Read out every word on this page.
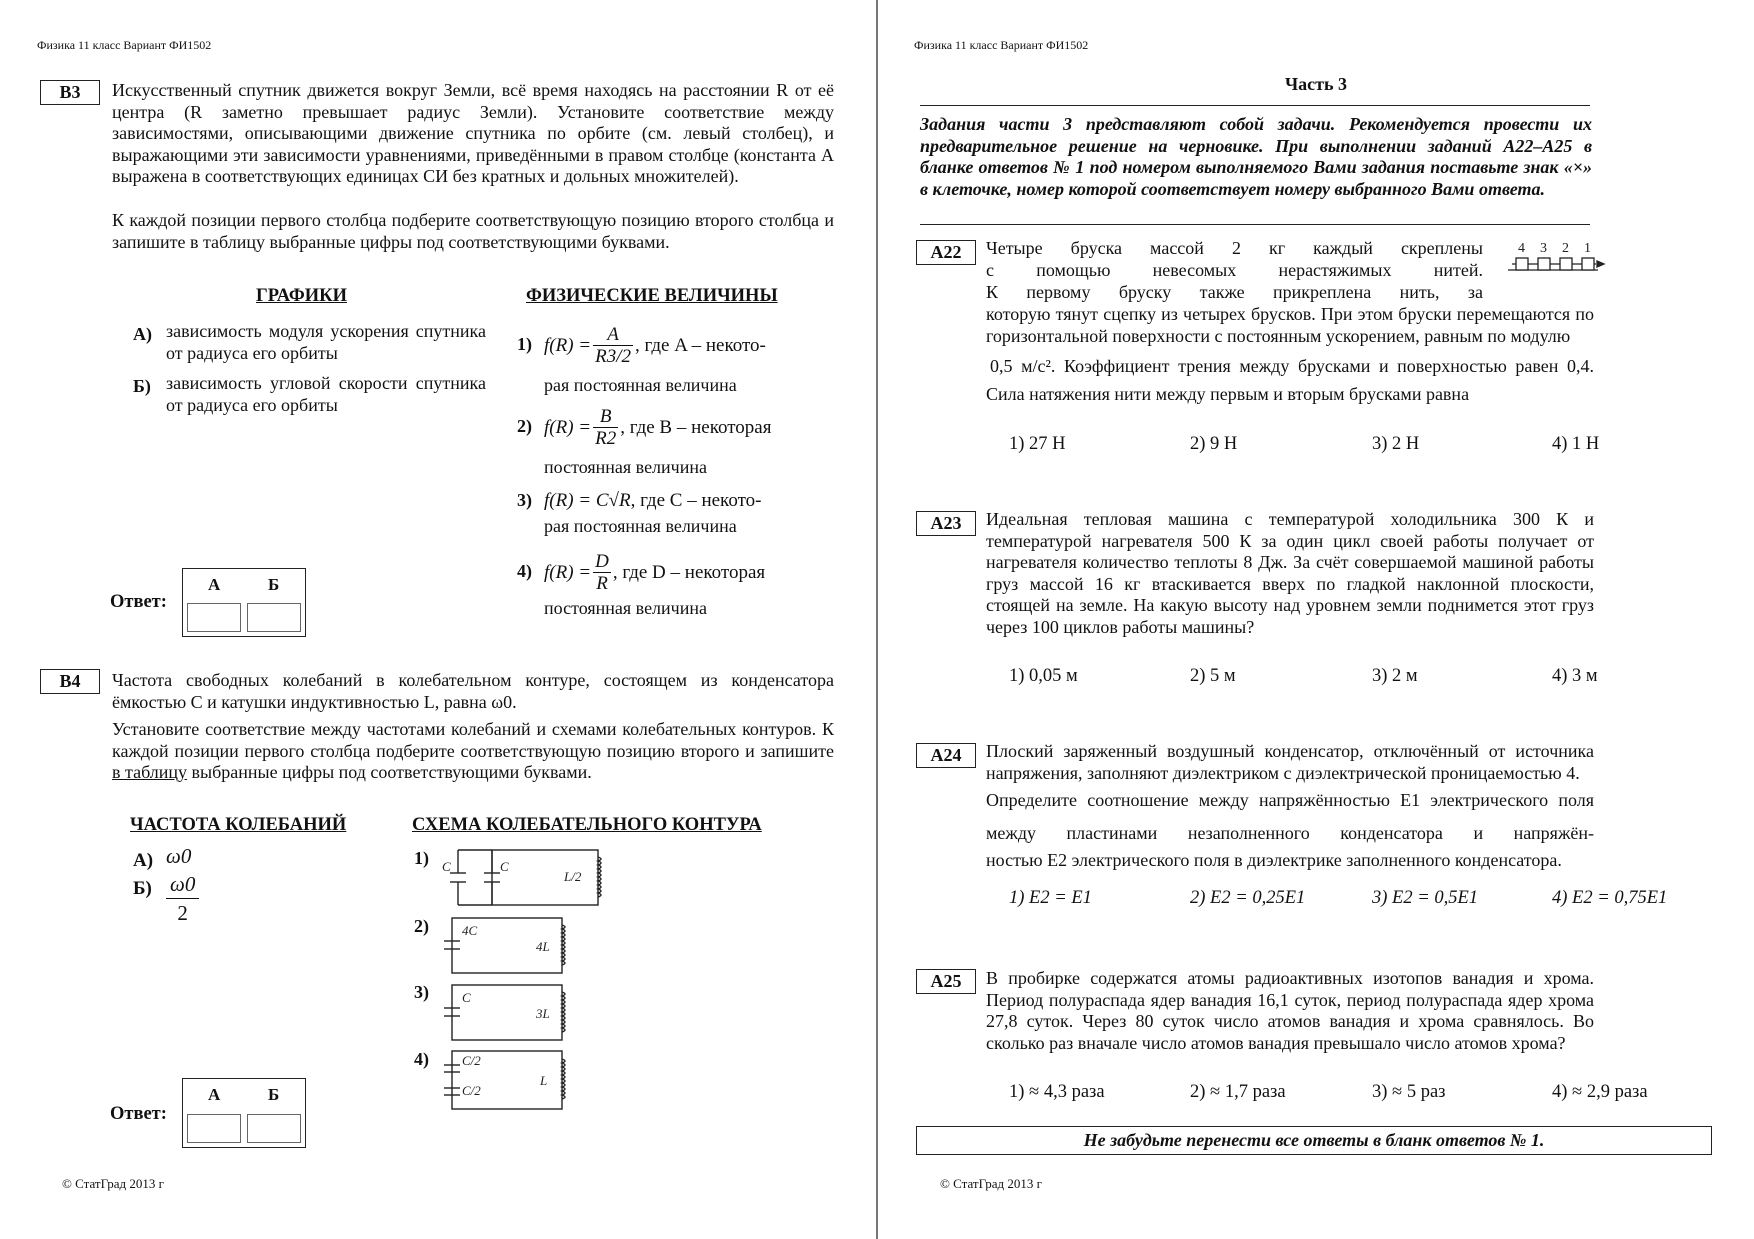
Физика 11 класс Вариант ФИ1502
B3	Искусственный спутник движется вокруг Земли, всё время находясь на расстоянии R от её центра (R заметно превышает радиус Земли). Установите соответствие между зависимостями, описывающими движение спутника по орбите (см. левый столбец), и выражающими эти зависимости уравнениями, приведёнными в правом столбце (константа A выражена в соответствующих единицах СИ без кратных и дольных множителей).
К каждой позиции первого столбца подберите соответствующую позицию второго столбца и запишите в таблицу выбранные цифры под соответствующими буквами.
ГРАФИКИ	ФИЗИЧЕСКИЕ ВЕЛИЧИНЫ
А) зависимость модуля ускорения спутника от радиуса его орбиты
Б) зависимость угловой скорости спутника от радиуса его орбиты
1) $f(R) = \frac{A}{R3/2}$ , где A – некото-
рая постоянная величина
2) $f(R) = \frac{B}{R2}$ , где B – некоторая
постоянная величина
3) f(R) = C√R, где C – некото-
рая постоянная величина
4) $f(R) = \frac{D}{R}$ , где D – некоторая
постоянная величина
Ответ:
А	Б
B4	Частота свободных колебаний в колебательном контуре, состоящем из конденсатора ёмкостью C и катушки индуктивностью L, равна ω0.
Установите соответствие между частотами колебаний и схемами колебательных контуров. К каждой позиции первого столбца подберите соответствующую позицию второго и запишите в таблицу выбранные цифры под соответствующими буквами.
ЧАСТОТА КОЛЕБАНИЙ	СХЕМА КОЛЕБАТЕЛЬНОГО КОНТУРА
А) ω0
$Б) \frac{\omega 0}{2}$
1)
2)
3)
4)
C	C
L/2
4C
4L
C
3L
C/2
C/2
L
Ответ:
А	Б
© СтатГрад 2013 г
Физика 11 класс Вариант ФИ1502
Часть 3
Задания части 3 представляют собой задачи. Рекомендуется провести их предварительное решение на черновике. При выполнении заданий А22–А25 в бланке ответов № 1 под номером выполняемого Вами задания поставьте знак «×» в клеточке, номер которой соответствует номеру выбранного Вами ответа.
A22	Четыре бруска массой 2 кг каждый скреплены
с помощью невесомых нерастяжимых нитей.
К первому бруску также прикреплена нить, за
которую тянут сцепку из четырех брусков. При этом бруски перемещаются по горизонтальной поверхности с постоянным ускорением, равным по модулю
0,5 м/с². Коэффициент трения между брусками и поверхностью равен 0,4.
Сила натяжения нити между первым и вторым брусками равна
4 3 2 1
1) 27 Н	2) 9 Н	3) 2 Н	4) 1 Н
A23	Идеальная тепловая машина с температурой холодильника 300 К и температурой нагревателя 500 К за один цикл своей работы получает от нагревателя количество теплоты 8 Дж. За счёт совершаемой машиной работы груз массой 16 кг втаскивается вверх по гладкой наклонной плоскости, стоящей на земле. На какую высоту над уровнем земли поднимется этот груз через 100 циклов работы машины?
1) 0,05 м	2) 5 м	3) 2 м	4) 3 м
A24	Плоский заряженный воздушный конденсатор, отключённый от источника напряжения, заполняют диэлектриком с диэлектрической проницаемостью 4.
Определите соотношение между напряжённостью E1 электрического поля
между пластинами незаполненного конденсатора и напряжён-
ностью E2 электрического поля в диэлектрике заполненного конденсатора.
1) E2 = E1	2) E2 = 0,25E1	3) E2 = 0,5E1	4) E2 = 0,75E1
A25	В пробирке содержатся атомы радиоактивных изотопов ванадия и хрома. Период полураспада ядер ванадия 16,1 суток, период полураспада ядер хрома 27,8 суток. Через 80 суток число атомов ванадия и хрома сравнялось. Во сколько раз вначале число атомов ванадия превышало число атомов хрома?
1) ≈ 4,3 раза	2) ≈ 1,7 раза	3) ≈ 5 раз	4) ≈ 2,9 раза
Не забудьте перенести все ответы в бланк ответов № 1.
© СтатГрад 2013 г
